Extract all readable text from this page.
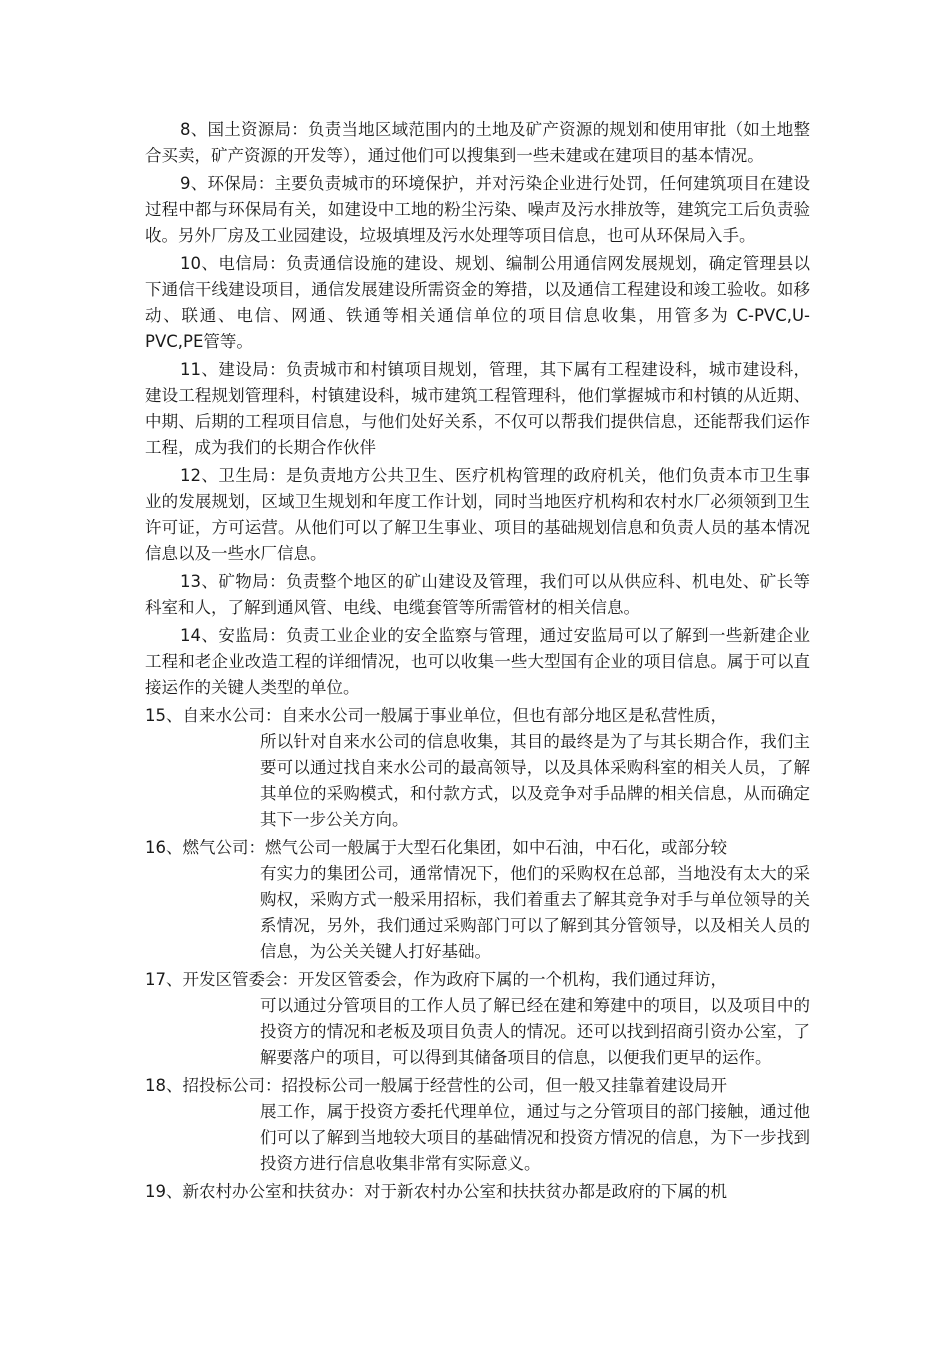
8、国土资源局：负责当地区域范围内的土地及矿产资源的规划和使用审批（如土地整合买卖，矿产资源的开发等），通过他们可以搜集到一些未建或在建项目的基本情况。

9、环保局：主要负责城市的环境保护，并对污染企业进行处罚，任何建筑项目在建设过程中都与环保局有关，如建设中工地的粉尘污染、噪声及污水排放等，建筑完工后负责验收。另外厂房及工业园建设，垃圾填埋及污水处理等项目信息，也可从环保局入手。

10、电信局：负责通信设施的建设、规划、编制公用通信网发展规划，确定管理县以下通信干线建设项目，通信发展建设所需资金的筹措，以及通信工程建设和竣工验收。如移动、联通、电信、网通、铁通等相关通信单位的项目信息收集，用管多为 C-PVC,U-PVC,PE管等。

11、建设局：负责城市和村镇项目规划，管理，其下属有工程建设科，城市建设科，建设工程规划管理科，村镇建设科，城市建筑工程管理科，他们掌握城市和村镇的从近期、中期、后期的工程项目信息，与他们处好关系，不仅可以帮我们提供信息，还能帮我们运作工程，成为我们的长期合作伙伴

12、卫生局：是负责地方公共卫生、医疗机构管理的政府机关，他们负责本市卫生事业的发展规划，区域卫生规划和年度工作计划，同时当地医疗机构和农村水厂必须领到卫生许可证，方可运营。从他们可以了解卫生事业、项目的基础规划信息和负责人员的基本情况信息以及一些水厂信息。

13、矿物局：负责整个地区的矿山建设及管理，我们可以从供应科、机电处、矿长等科室和人，了解到通风管、电线、电缆套管等所需管材的相关信息。

14、安监局：负责工业企业的安全监察与管理，通过安监局可以了解到一些新建企业工程和老企业改造工程的详细情况，也可以收集一些大型国有企业的项目信息。属于可以直接运作的关键人类型的单位。

15、自来水公司：自来水公司一般属于事业单位，但也有部分地区是私营性质，
所以针对自来水公司的信息收集，其目的最终是为了与其长期合作，我们主要可以通过找自来水公司的最高领导，以及具体采购科室的相关人员，了解其单位的采购模式，和付款方式，以及竞争对手品牌的相关信息，从而确定其下一步公关方向。
16、燃气公司：燃气公司一般属于大型石化集团，如中石油，中石化，或部分较
有实力的集团公司，通常情况下，他们的采购权在总部，当地没有太大的采购权，采购方式一般采用招标，我们着重去了解其竞争对手与单位领导的关系情况，另外，我们通过采购部门可以了解到其分管领导，以及相关人员的信息，为公关关键人打好基础。
17、开发区管委会：开发区管委会，作为政府下属的一个机构，我们通过拜访，
可以通过分管项目的工作人员了解已经在建和筹建中的项目，以及项目中的投资方的情况和老板及项目负责人的情况。还可以找到招商引资办公室，了解要落户的项目，可以得到其储备项目的信息，以便我们更早的运作。
18、招投标公司：招投标公司一般属于经营性的公司，但一般又挂靠着建设局开
展工作，属于投资方委托代理单位，通过与之分管项目的部门接触，通过他们可以了解到当地较大项目的基础情况和投资方情况的信息，为下一步找到投资方进行信息收集非常有实际意义。
19、新农村办公室和扶贫办：对于新农村办公室和扶扶贫办都是政府的下属的机
